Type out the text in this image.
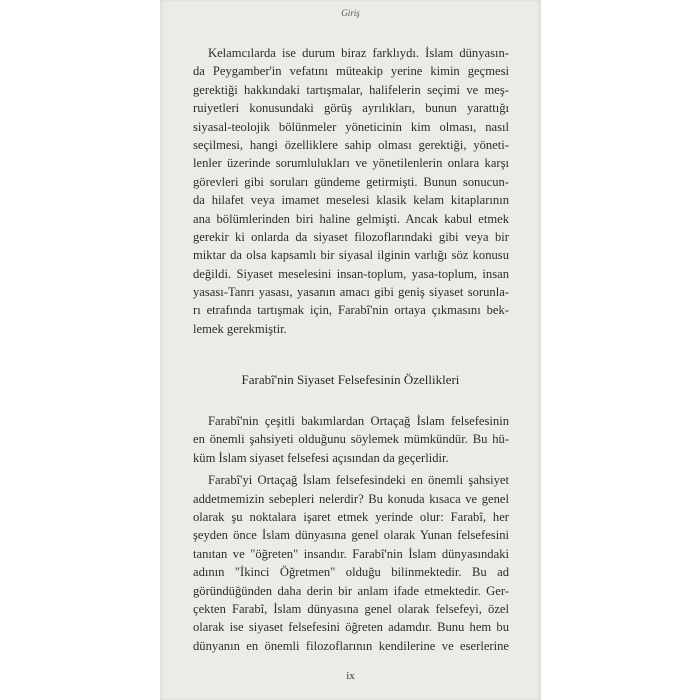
Giriş
Kelamcılarda ise durum biraz farklıydı. İslam dünyasın-
da Peygamber'in vefatını müteakip yerine kimin geçmesi
gerektiği hakkındaki tartışmalar, halifelerin seçimi ve meş-
ruiyetleri konusundaki görüş ayrılıkları, bunun yarattığı
siyasal-teolojik bölünmeler yöneticinin kim olması, nasıl
seçilmesi, hangi özelliklere sahip olması gerektiği, yöneti-
lenler üzerinde sorumlulukları ve yönetilenlerin onlara karşı
görevleri gibi soruları gündeme getirmişti. Bunun sonucun-
da hilafet veya imamet meselesi klasik kelam kitaplarının
ana bölümlerinden biri haline gelmişti. Ancak kabul etmek
gerekir ki onlarda da siyaset filozoflarındaki gibi veya bir
miktar da olsa kapsamlı bir siyasal ilginin varlığı söz konusu
değildi. Siyaset meselesini insan-toplum, yasa-toplum, insan
yasası-Tanrı yasası, yasanın amacı gibi geniş siyaset sorunla-
rı etrafında tartışmak için, Farabî'nin ortaya çıkmasını bek-
lemek gerekmiştir.
Farabî'nin Siyaset Felsefesinin Özellikleri
Farabî'nin çeşitli bakımlardan Ortaçağ İslam felsefesinin
en önemli şahsiyeti olduğunu söylemek mümkündür. Bu hü-
küm İslam siyaset felsefesi açısından da geçerlidir.
Farabî'yi Ortaçağ İslam felsefesindeki en önemli şahsiyet
addetmemizin sebepleri nelerdir? Bu konuda kısaca ve genel
olarak şu noktalara işaret etmek yerinde olur: Farabî, her
şeyden önce İslam dünyasına genel olarak Yunan felsefesini
tanıtan ve "öğreten" insandır. Farabî'nin İslam dünyasındaki
adının "İkinci Öğretmen" olduğu bilinmektedir. Bu ad
göründüğünden daha derin bir anlam ifade etmektedir. Ger-
çekten Farabî, İslam dünyasına genel olarak felsefeyi, özel
olarak ise siyaset felsefesini öğreten adamdır. Bunu hem bu
dünyanın en önemli filozoflarının kendilerine ve eserlerine
ix
